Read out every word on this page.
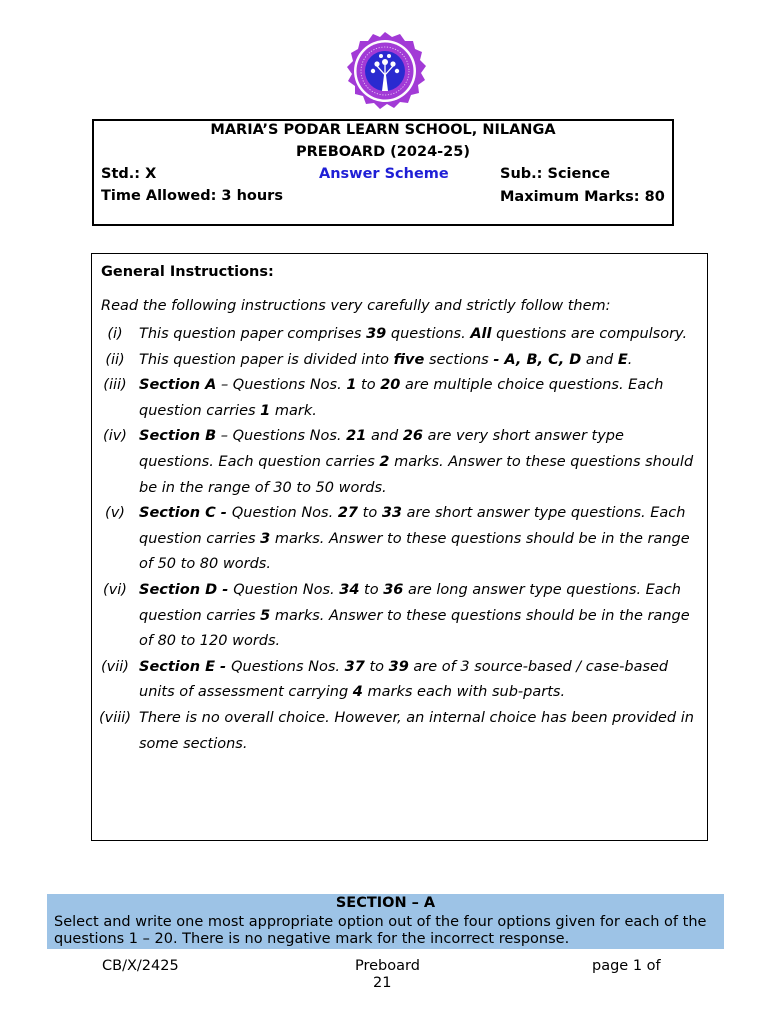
MARIA’S PODAR LEARN SCHOOL, NILANGA
PREBOARD (2024-25)
Std.: X	Answer Scheme	Sub.: Science
Time Allowed: 3 hours	Maximum Marks: 80
General Instructions:
Read the following instructions very carefully and strictly follow them:
(i)	This question paper comprises 39 questions. All questions are compulsory.
(ii) This question paper is divided into five sections - A, B, C, D and E.
(iii) Section A – Questions Nos. 1 to 20 are multiple choice questions. Each question carries 1 mark.
(iv) Section B – Questions Nos. 21 and 26 are very short answer type questions. Each question carries 2 marks. Answer to these questions should be in the range of 30 to 50 words.
(v) Section C - Question Nos. 27 to 33 are short answer type questions. Each question carries 3 marks. Answer to these questions should be in the range of 50 to 80 words.
(vi) Section D - Question Nos. 34 to 36 are long answer type questions. Each question carries 5 marks. Answer to these questions should be in the range of 80 to 120 words.
(vii) Section E - Questions Nos. 37 to 39 are of 3 source-based / case-based units of assessment carrying 4 marks each with sub-parts.
(viii) There is no overall choice. However, an internal choice has been provided in some sections.
SECTION – A
Select and write one most appropriate option out of the four options given for each of the questions 1 – 20. There is no negative mark for the incorrect response.
CB/X/2425	Preboard	page 1 of
21
